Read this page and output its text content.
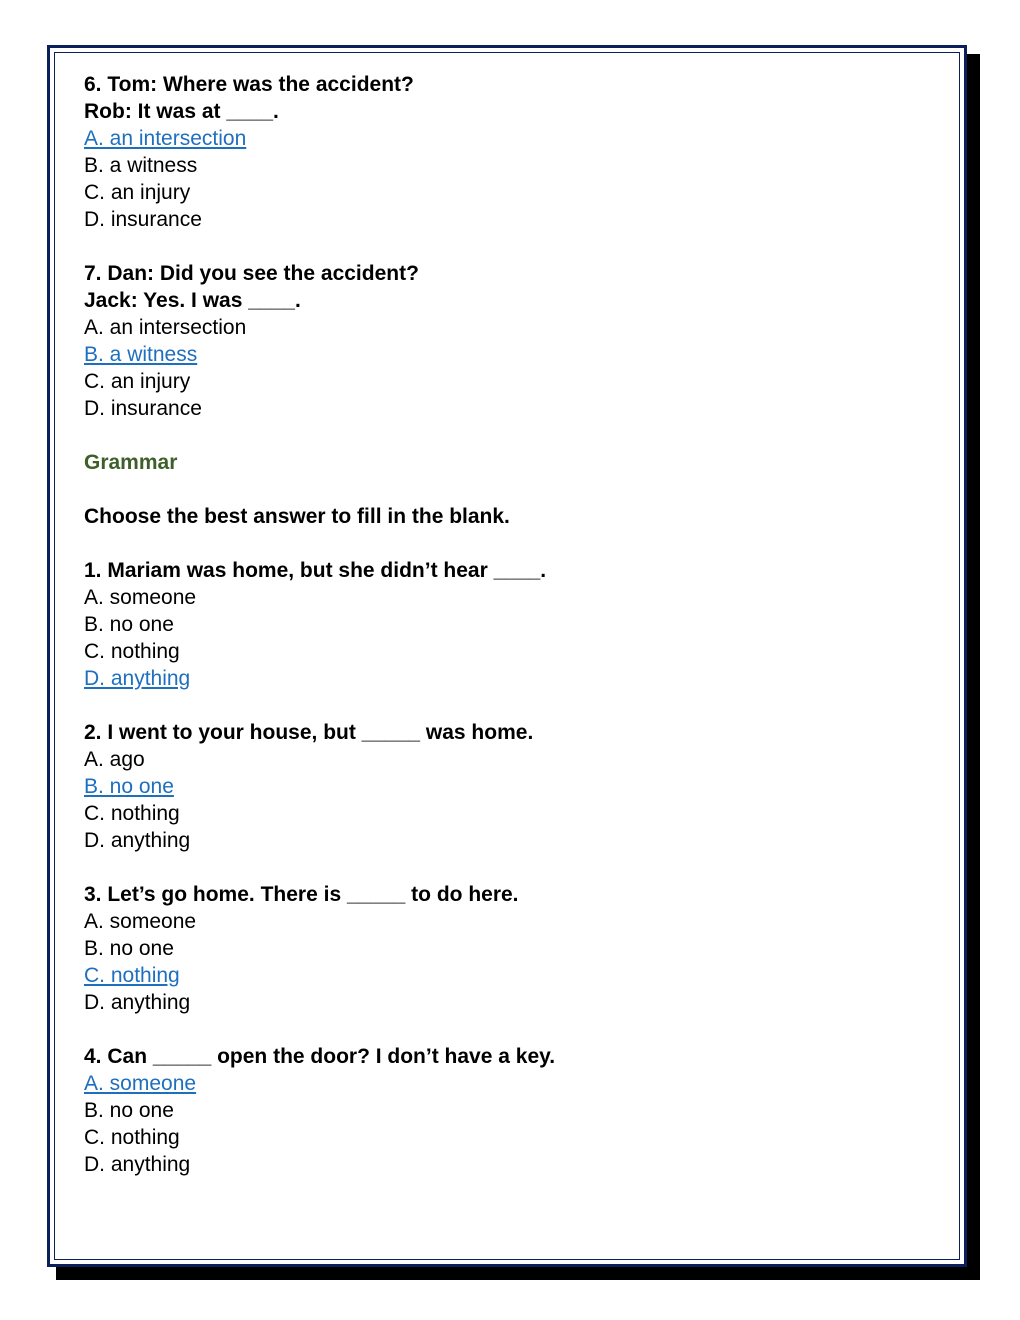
6. Tom: Where was the accident?
Rob: It was at ____.
A. an intersection
B. a witness
C. an injury
D. insurance
7. Dan: Did you see the accident?
Jack: Yes. I was ____.
A. an intersection
B. a witness
C. an injury
D. insurance
Grammar
Choose the best answer to fill in the blank.
1. Mariam was home, but she didn’t hear ____.
A. someone
B. no one
C. nothing
D. anything
2. I went to your house, but _____ was home.
A. ago
B. no one
C. nothing
D. anything
3. Let’s go home. There is _____ to do here.
A. someone
B. no one
C. nothing
D. anything
4. Can _____ open the door? I don’t have a key.
A. someone
B. no one
C. nothing
D. anything
